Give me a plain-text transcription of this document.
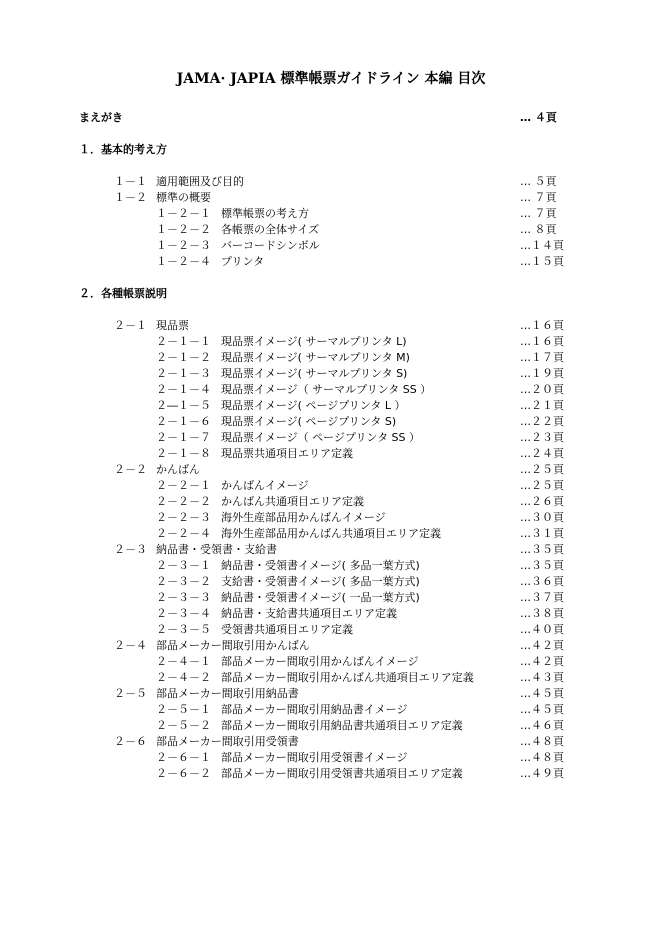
JAMA· JAPIA 標準帳票ガイドライン 本編 目次
まえがき	… ４頁
１．基本的考え方
１－１ 適用範囲及び目的	… ５頁
１－２ 標準の概要	… ７頁
１－２－１ 標準帳票の考え方	… ７頁
１－２－２ 各帳票の全体サイズ	… ８頁
１－２－３ バーコードシンボル	…１４頁
１－２－４ プリンタ	…１５頁
２．各種帳票説明
２－１ 現品票	…１６頁
２－１－１ 現品票イメージ( サーマルプリンタ L)	…１６頁
２－１－２ 現品票イメージ( サーマルプリンタ M)	…１７頁
２－１－３ 現品票イメージ( サーマルプリンタ S)	…１９頁
２－１－４ 現品票イメージ（ サーマルプリンタ SS ）	…２０頁
２―１－５ 現品票イメージ( ページプリンタ L ）	…２１頁
２－１－６ 現品票イメージ( ページプリンタ S)	…２２頁
２－１－７ 現品票イメージ（ ページプリンタ SS ）	…２３頁
２－１－８ 現品票共通項目エリア定義	…２４頁
２－２ かんばん	…２５頁
２－２－１ かんばんイメージ	…２５頁
２－２－２ かんばん共通項目エリア定義	…２６頁
２－２－３ 海外生産部品用かんばんイメージ	…３０頁
２－２－４ 海外生産部品用かんばん共通項目エリア定義	…３１頁
２－３ 納品書・受領書・支給書	…３５頁
２－３－１ 納品書・受領書イメージ( 多品一葉方式)	…３５頁
２－３－２ 支給書・受領書イメージ( 多品一葉方式)	…３６頁
２－３－３ 納品書・受領書イメージ( 一品一葉方式)	…３７頁
２－３－４ 納品書・支給書共通項目エリア定義	…３８頁
２－３－５ 受領書共通項目エリア定義	…４０頁
２－４ 部品メーカー間取引用かんばん	…４２頁
２－４－１ 部品メーカー間取引用かんばんイメージ	…４２頁
２－４－２ 部品メーカー間取引用かんばん共通項目エリア定義	…４３頁
２－５ 部品メーカー間取引用納品書	…４５頁
２－５－１ 部品メーカー間取引用納品書イメージ	…４５頁
２－５－２ 部品メーカー間取引用納品書共通項目エリア定義	…４６頁
２－６ 部品メーカー間取引用受領書	…４８頁
２－６－１ 部品メーカー間取引用受領書イメージ	…４８頁
２－６－２ 部品メーカー間取引用受領書共通項目エリア定義	…４９頁
